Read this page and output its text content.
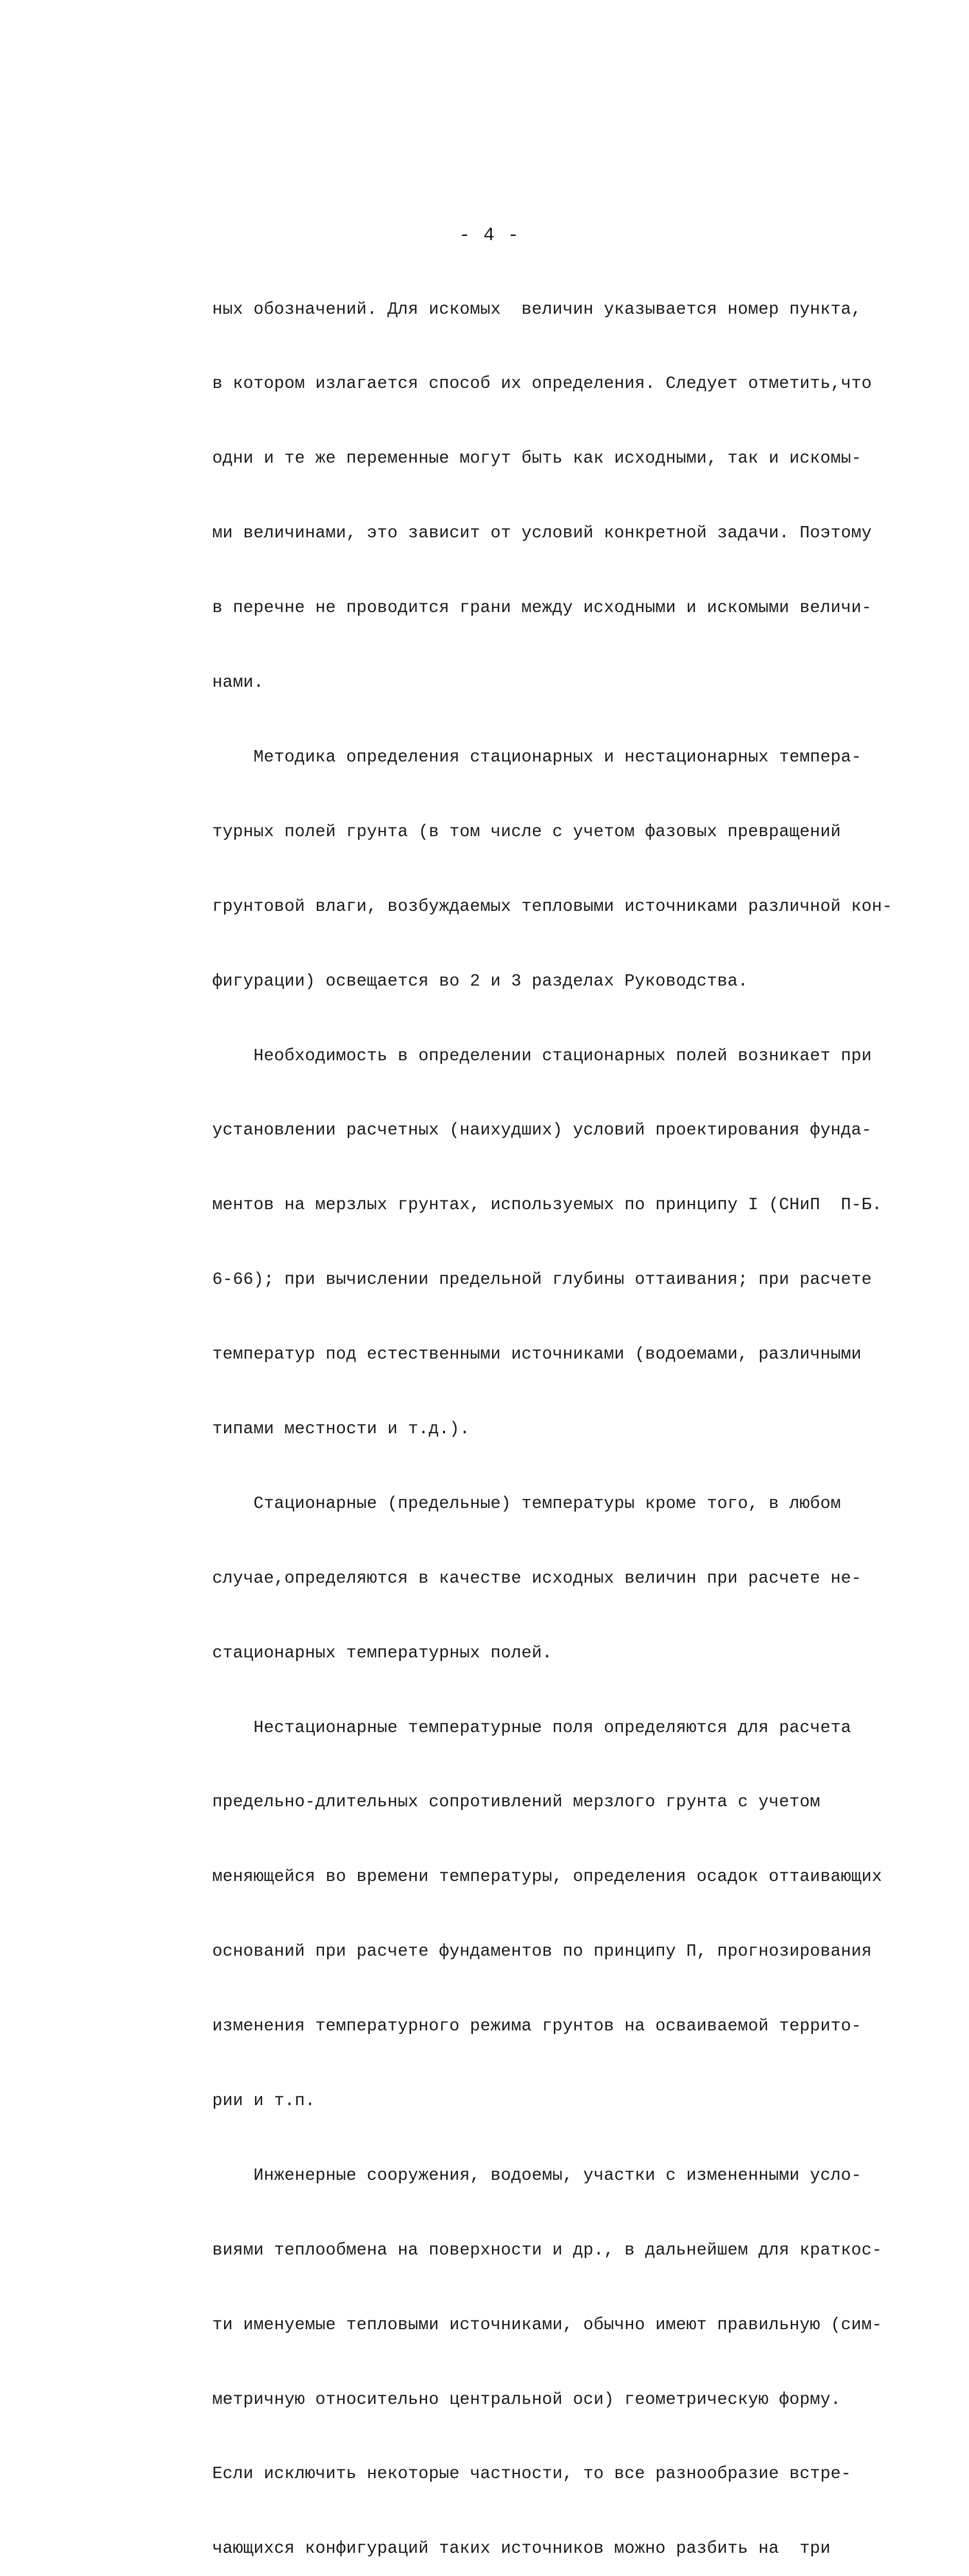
- 4 -

ных обозначений. Для искомых  величин указывается номер пункта,

в котором излагается способ их определения. Следует отметить,что

одни и те же переменные могут быть как исходными, так и искомы-

ми величинами, это зависит от условий конкретной задачи. Поэтому

в перечне не проводится грани между исходными и искомыми величи-

нами.

Методика определения стационарных и нестационарных темпера-

турных полей грунта (в том числе с учетом фазовых превращений

грунтовой влаги, возбуждаемых тепловыми источниками различной кон-

фигурации) освещается во 2 и 3 разделах Руководства.

Необходимость в определении стационарных полей возникает при

установлении расчетных (наихудших) условий проектирования фунда-

ментов на мерзлых грунтах, используемых по принципу I (СНиП  П-Б.

6-66); при вычислении предельной глубины оттаивания; при расчете

температур под естественными источниками (водоемами, различными

типами местности и т.д.).

Стационарные (предельные) температуры кроме того, в любом

случае,определяются в качестве исходных величин при расчете не-

стационарных температурных полей.

Нестационарные температурные поля определяются для расчета

предельно-длительных сопротивлений мерзлого грунта с учетом

меняющейся во времени температуры, определения осадок оттаивающих

оснований при расчете фундаментов по принципу П, прогнозирования

изменения температурного режима грунтов на осваиваемой террито-

рии и т.п.

Инженерные сооружения, водоемы, участки с измененными усло-

виями теплообмена на поверхности и др., в дальнейшем для краткос-

ти именуемые тепловыми источниками, обычно имеют правильную (сим-

метричную относительно центральной оси) геометрическую форму.

Если исключить некоторые частности, то все разнообразие встре-

чающихся конфигураций таких источников можно разбить на  три
